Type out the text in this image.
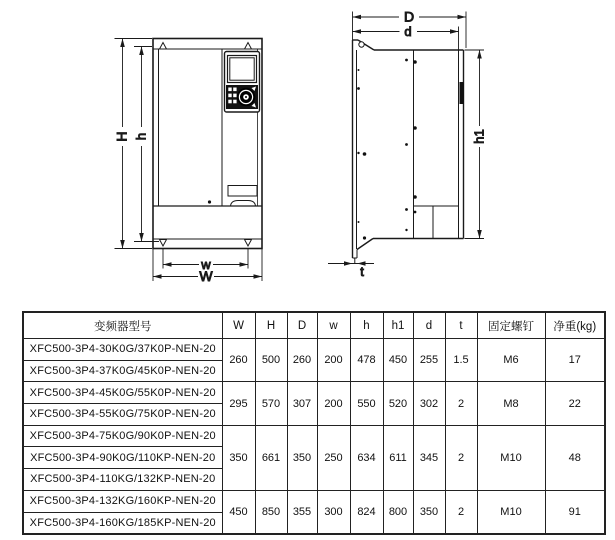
H h
w
W
D
d
h1
t
变频器型号	W	H	D	w	h	h1	d	t	固定螺钉	净重(kg)
XFC500-3P4-30K0G/37K0P-NEN-20	260	500	260	200	478	450	255	1.5	M6	17
XFC500-3P4-37K0G/45K0P-NEN-20										
XFC500-3P4-45K0G/55K0P-NEN-20	295	570	307	200	550	520	302	2	M8	22
XFC500-3P4-55K0G/75K0P-NEN-20										
XFC500-3P4-75K0G/90K0P-NEN-20	350	661	350	250	634	611	345	2	M10	48
XFC500-3P4-90K0G/110KP-NEN-20										
XFC500-3P4-110KG/132KP-NEN-20										
XFC500-3P4-132KG/160KP-NEN-20	450	850	355	300	824	800	350	2	M10	91
XFC500-3P4-160KG/185KP-NEN-20										
